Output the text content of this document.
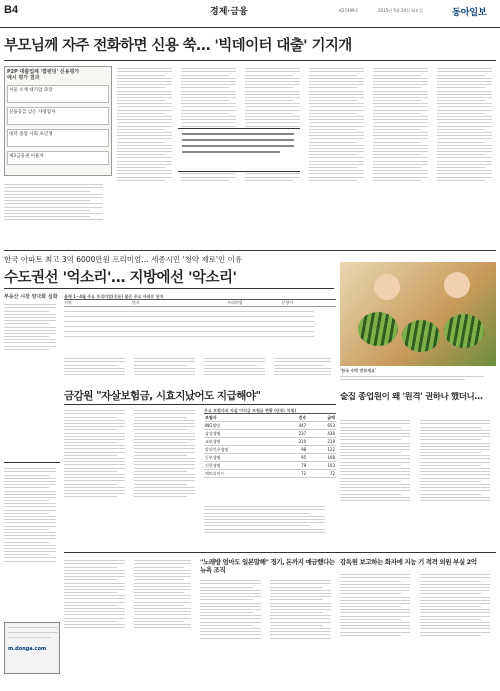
B4	경제·금융	제27499호	2015년 5월 24일 화요일	동아일보
부모님께 자주 전화하면 신용 쑥… '빅데이터 대출' 기지개
P2P 대출업체 '팝펀딩' 신용평가
예시 평가 결과
서울 소재 대기업 과장
신용등급 낮은 자영업자
대학 졸업 사회 초년생
제2금융권 이용자
한국 아파트 최고 3억 6000만원 프리미엄… 세종시민 '청약 제로'인 이유
수도권선 '억소리'… 지방에선 '악소리'
'한국 수박 맛보세요'
부동산 시장 양극화 심화 올해 1~4월 주요 프리미엄(웃돈) 붙은 주요 아파트 단지
지역	단지	프리미엄	분양가
술집 종업원이 왜 '원격' 권하나 했더니…
금감원 "자살보험금, 시효지났어도 지급해야"
주요 보험사의 자살 미지급 보험금 현황 (단위: 억원)
보험사	건수	금액
ING생명	447	653
삼성생명	237	436
교보생명	210	219
알리안츠생명	98	122
동부생명	95	108
신한생명	79	103
메트라이프	72	72
"노래방 엄마도 일본말해" 경기, 돈까지 예금했다는 뉴욕 조직
감독원 보고하는 화자에 지능 기 적격 외원 부실 2억
m.donga.com
